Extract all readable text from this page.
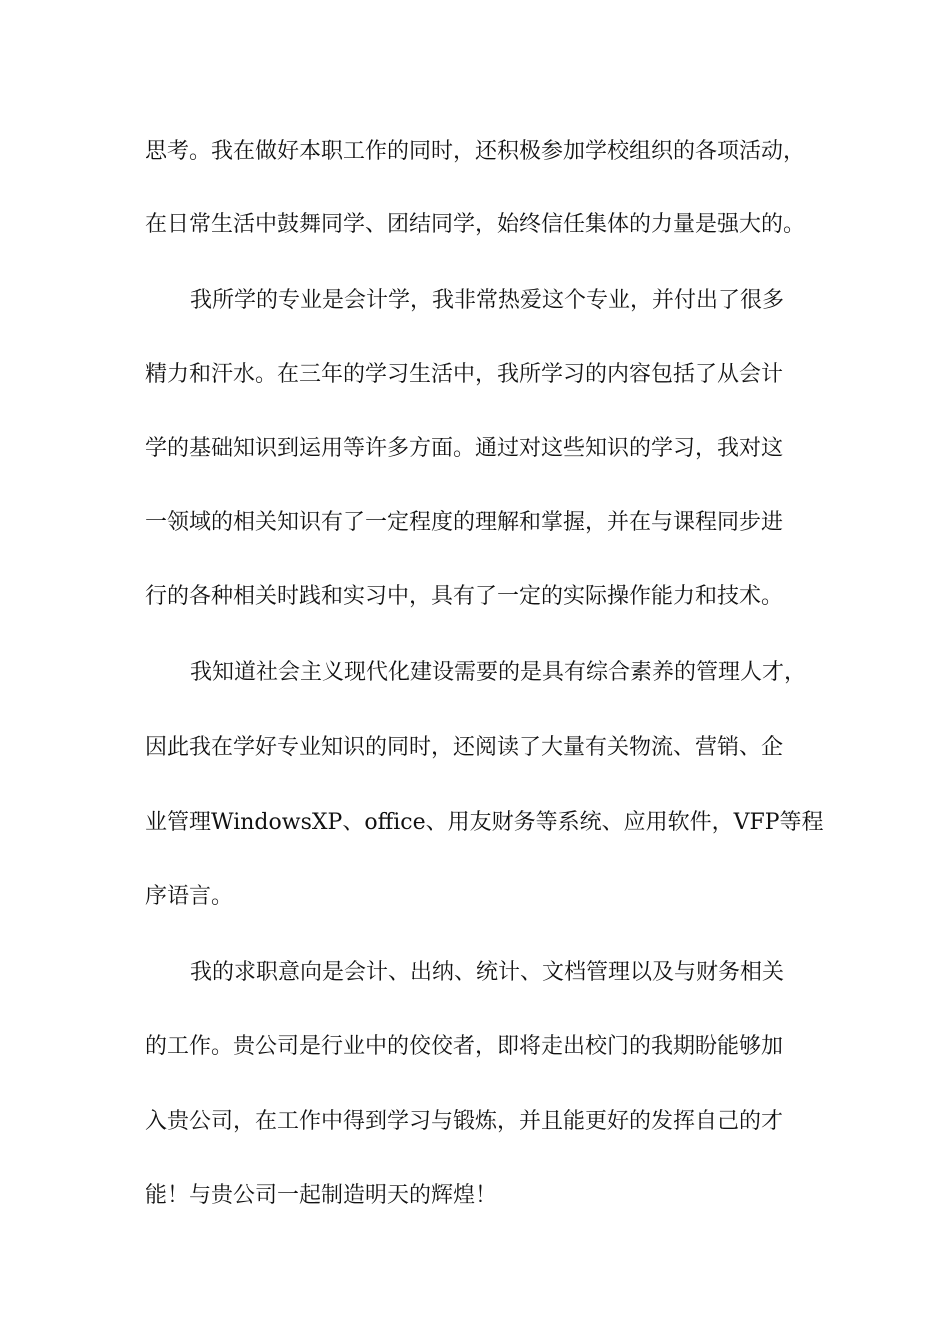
思考。我在做好本职工作的同时，还积极参加学校组织的各项活动，
在日常生活中鼓舞同学、团结同学，始终信任集体的力量是强大的。
我所学的专业是会计学，我非常热爱这个专业，并付出了很多
精力和汗水。在三年的学习生活中，我所学习的内容包括了从会计
学的基础知识到运用等许多方面。通过对这些知识的学习，我对这
一领域的相关知识有了一定程度的理解和掌握，并在与课程同步进
行的各种相关时践和实习中，具有了一定的实际操作能力和技术。
我知道社会主义现代化建设需要的是具有综合素养的管理人才，
因此我在学好专业知识的同时，还阅读了大量有关物流、营销、企
业管理WindowsXP、office、用友财务等系统、应用软件，VFP等程
序语言。
我的求职意向是会计、出纳、统计、文档管理以及与财务相关
的工作。贵公司是行业中的佼佼者，即将走出校门的我期盼能够加
入贵公司，在工作中得到学习与锻炼，并且能更好的发挥自己的才
能！与贵公司一起制造明天的辉煌！
